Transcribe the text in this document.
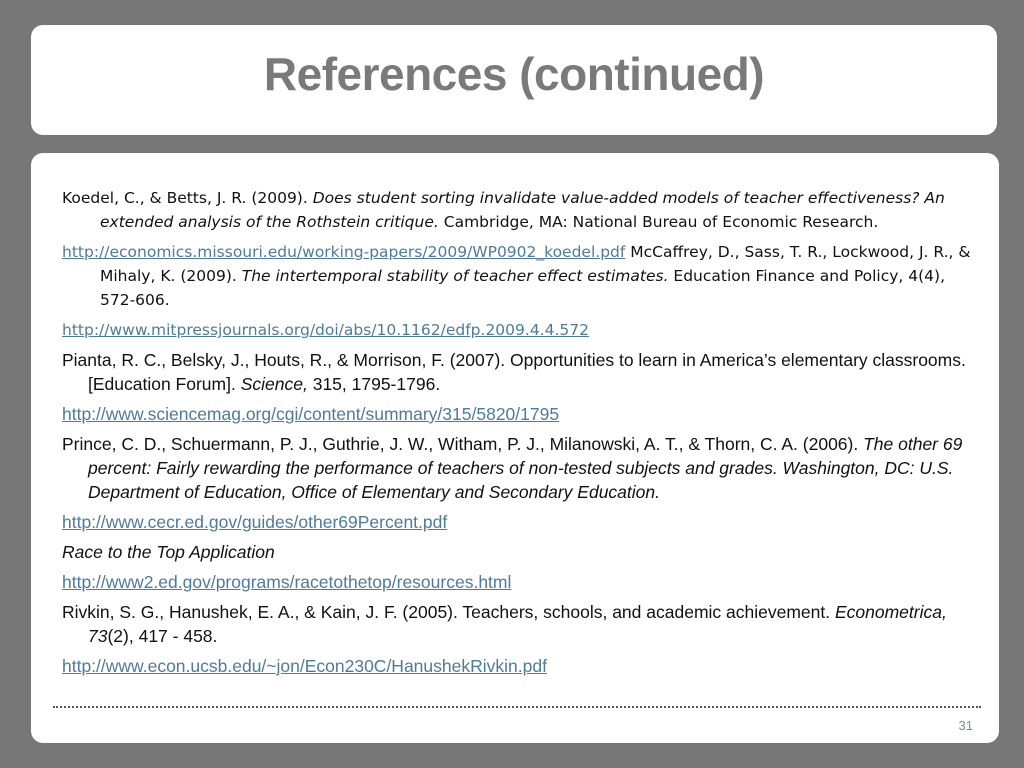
References (continued)

Koedel, C., & Betts, J. R. (2009). Does student sorting invalidate value-added models of teacher effectiveness? An extended analysis of the Rothstein critique. Cambridge, MA: National Bureau of Economic Research.

http://economics.missouri.edu/working-papers/2009/WP0902_koedel.pdf McCaffrey, D., Sass, T. R., Lockwood, J. R., & Mihaly, K. (2009). The intertemporal stability of teacher effect estimates. Education Finance and Policy, 4(4), 572-606.

http://www.mitpressjournals.org/doi/abs/10.1162/edfp.2009.4.4.572

Pianta, R. C., Belsky, J., Houts, R., & Morrison, F. (2007). Opportunities to learn in America’s elementary classrooms. [Education Forum]. Science, 315, 1795-1796.

http://www.sciencemag.org/cgi/content/summary/315/5820/1795

Prince, C. D., Schuermann, P. J., Guthrie, J. W., Witham, P. J., Milanowski, A. T., & Thorn, C. A. (2006). The other 69 percent: Fairly rewarding the performance of teachers of non-tested subjects and grades. Washington, DC: U.S. Department of Education, Office of Elementary and Secondary Education.

http://www.cecr.ed.gov/guides/other69Percent.pdf

Race to the Top Application

http://www2.ed.gov/programs/racetothetop/resources.html

Rivkin, S. G., Hanushek, E. A., & Kain, J. F. (2005). Teachers, schools, and academic achievement. Econometrica, 73(2), 417 - 458.

http://www.econ.ucsb.edu/~jon/Econ230C/HanushekRivkin.pdf

31
